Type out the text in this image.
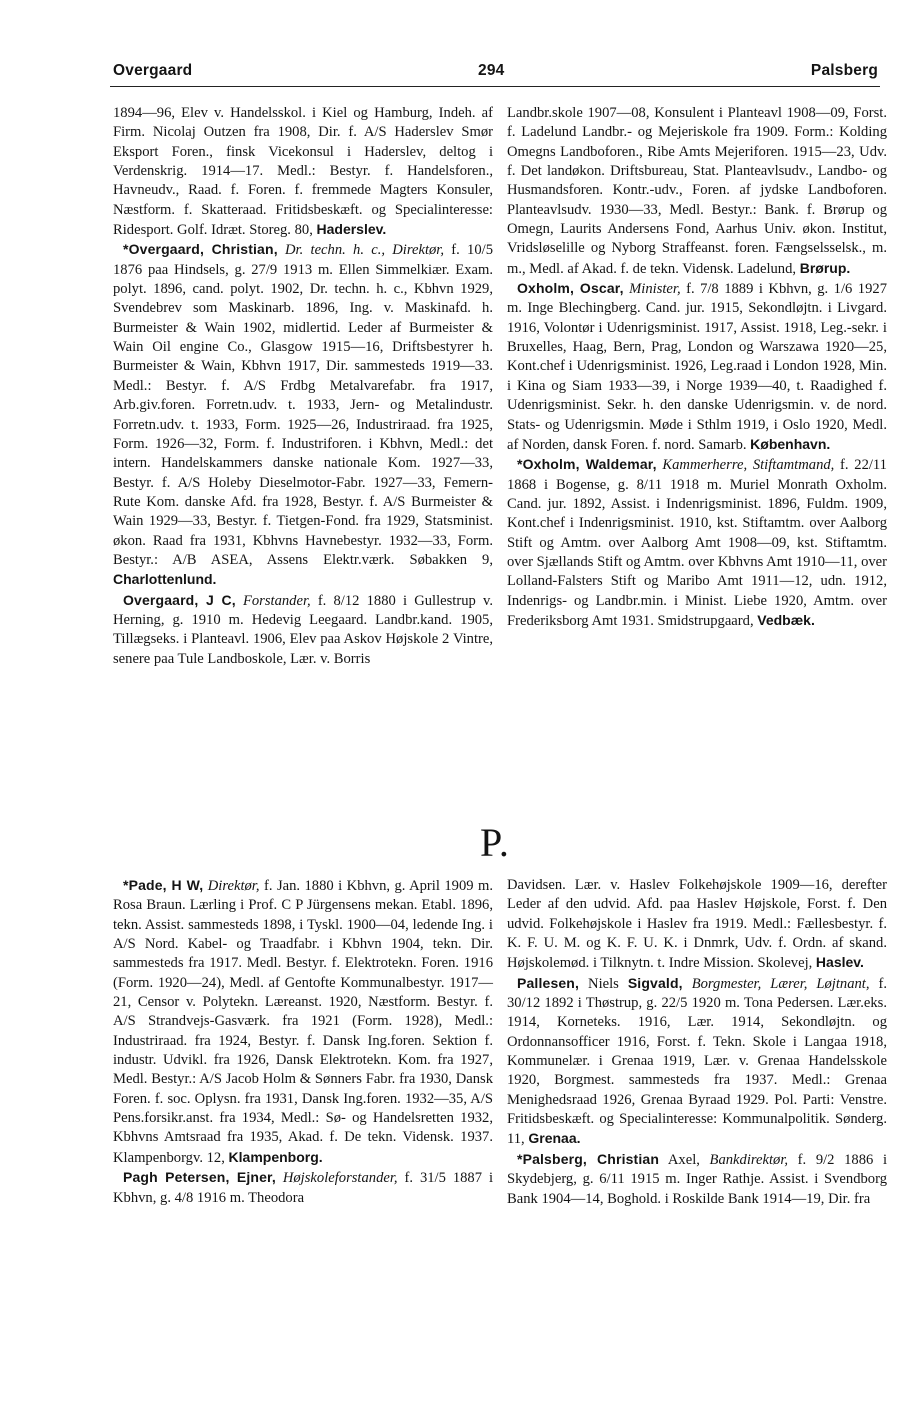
Overgaard	294	Palsberg

1894—96, Elev v. Handelsskol. i Kiel og Hamburg, Indeh. af Firm. Nicolaj Outzen fra 1908, Dir. f. A/S Haderslev Smør Eksport Foren., finsk Vicekonsul i Haderslev, deltog i Verdenskrig. 1914—17. Medl.: Bestyr. f. Handelsforen., Havneudv., Raad. f. Foren. f. fremmede Magters Konsuler, Næstform. f. Skatteraad. Fritidsbeskæft. og Specialinteresse: Ridesport. Golf. Idræt. Storeg. 80, Haderslev.

*Overgaard, Christian, Dr. techn. h. c., Direktør, f. 10/5 1876 paa Hindsels, g. 27/9 1913 m. Ellen Simmelkiær. Exam. polyt. 1896, cand. polyt. 1902, Dr. techn. h. c., Kbhvn 1929, Svendebrev som Maskinarb. 1896, Ing. v. Maskinafd. h. Burmeister & Wain 1902, midlertid. Leder af Burmeister & Wain Oil engine Co., Glasgow 1915—16, Driftsbestyrer h. Burmeister & Wain, Kbhvn 1917, Dir. sammesteds 1919—33. Medl.: Bestyr. f. A/S Frdbg Metalvarefabr. fra 1917, Arb.giv.foren. Forretn.udv. t. 1933, Jern- og Metalindustr. Forretn.udv. t. 1933, Form. 1925—26, Industriraad. fra 1925, Form. 1926—32, Form. f. Industriforen. i Kbhvn, Medl.: det intern. Handelskammers danske nationale Kom. 1927—33, Bestyr. f. A/S Holeby Dieselmotor-Fabr. 1927—33, Femern-Rute Kom. danske Afd. fra 1928, Bestyr. f. A/S Burmeister & Wain 1929—33, Bestyr. f. Tietgen-Fond. fra 1929, Statsminist. økon. Raad fra 1931, Kbhvns Havnebestyr. 1932—33, Form. Bestyr.: A/B ASEA, Assens Elektr.værk. Søbakken 9, Charlottenlund.

Overgaard, J C, Forstander, f. 8/12 1880 i Gullestrup v. Herning, g. 1910 m. Hedevig Leegaard. Landbr.kand. 1905, Tillægseks. i Planteavl. 1906, Elev paa Askov Højskole 2 Vintre, senere paa Tule Landboskole, Lær. v. Borris

Landbr.skole 1907—08, Konsulent i Planteavl 1908—09, Forst. f. Ladelund Landbr.- og Mejeriskole fra 1909. Form.: Kolding Omegns Landboforen., Ribe Amts Mejeriforen. 1915—23, Udv. f. Det landøkon. Driftsbureau, Stat. Planteavlsudv., Landbo- og Husmandsforen. Kontr.-udv., Foren. af jydske Landboforen. Planteavlsudv. 1930—33, Medl. Bestyr.: Bank. f. Brørup og Omegn, Laurits Andersens Fond, Aarhus Univ. økon. Institut, Vridsløselille og Nyborg Straffeanst. foren. Fængselsselsk., m. m., Medl. af Akad. f. de tekn. Vidensk. Ladelund, Brørup.

Oxholm, Oscar, Minister, f. 7/8 1889 i Kbhvn, g. 1/6 1927 m. Inge Blechingberg. Cand. jur. 1915, Sekondløjtn. i Livgard. 1916, Volontør i Udenrigsminist. 1917, Assist. 1918, Leg.-sekr. i Bruxelles, Haag, Bern, Prag, London og Warszawa 1920—25, Kont.chef i Udenrigsminist. 1926, Leg.raad i London 1928, Min. i Kina og Siam 1933—39, i Norge 1939—40, t. Raadighed f. Udenrigsminist. Sekr. h. den danske Udenrigsmin. v. de nord. Stats- og Udenrigsmin. Møde i Sthlm 1919, i Oslo 1920, Medl. af Norden, dansk Foren. f. nord. Samarb. København.

*Oxholm, Waldemar, Kammerherre, Stiftamtmand, f. 22/11 1868 i Bogense, g. 8/11 1918 m. Muriel Monrath Oxholm. Cand. jur. 1892, Assist. i Indenrigsminist. 1896, Fuldm. 1909, Kont.chef i Indenrigsminist. 1910, kst. Stiftamtm. over Aalborg Stift og Amtm. over Aalborg Amt 1908—09, kst. Stiftamtm. over Sjællands Stift og Amtm. over Kbhvns Amt 1910—11, over Lolland-Falsters Stift og Maribo Amt 1911—12, udn. 1912, Indenrigs- og Landbr.min. i Minist. Liebe 1920, Amtm. over Frederiksborg Amt 1931. Smidstrupgaard, Vedbæk.

P.

*Pade, H W, Direktør, f. Jan. 1880 i Kbhvn, g. April 1909 m. Rosa Braun. Lærling i Prof. C P Jürgensens mekan. Etabl. 1896, tekn. Assist. sammesteds 1898, i Tyskl. 1900—04, ledende Ing. i A/S Nord. Kabel- og Traadfabr. i Kbhvn 1904, tekn. Dir. sammesteds fra 1917. Medl. Bestyr. f. Elektrotekn. Foren. 1916 (Form. 1920—24), Medl. af Gentofte Kommunalbestyr. 1917—21, Censor v. Polytekn. Læreanst. 1920, Næstform. Bestyr. f. A/S Strandvejs-Gasværk. fra 1921 (Form. 1928), Medl.: Industriraad. fra 1924, Bestyr. f. Dansk Ing.foren. Sektion f. industr. Udvikl. fra 1926, Dansk Elektrotekn. Kom. fra 1927, Medl. Bestyr.: A/S Jacob Holm & Sønners Fabr. fra 1930, Dansk Foren. f. soc. Oplysn. fra 1931, Dansk Ing.foren. 1932—35, A/S Pens.forsikr.anst. fra 1934, Medl.: Sø- og Handelsretten 1932, Kbhvns Amtsraad fra 1935, Akad. f. De tekn. Vidensk. 1937. Klampenborgv. 12, Klampenborg.

Pagh Petersen, Ejner, Højskoleforstander, f. 31/5 1887 i Kbhvn, g. 4/8 1916 m. Theodora

Davidsen. Lær. v. Haslev Folkehøjskole 1909—16, derefter Leder af den udvid. Afd. paa Haslev Højskole, Forst. f. Den udvid. Folkehøjskole i Haslev fra 1919. Medl.: Fællesbestyr. f. K. F. U. M. og K. F. U. K. i Dnmrk, Udv. f. Ordn. af skand. Højskolemød. i Tilknytn. t. Indre Mission. Skolevej, Haslev.

Pallesen, Niels Sigvald, Borgmester, Lærer, Løjtnant, f. 30/12 1892 i Thøstrup, g. 22/5 1920 m. Tona Pedersen. Lær.eks. 1914, Korneteks. 1916, Lær. 1914, Sekondløjtn. og Ordonnansofficer 1916, Forst. f. Tekn. Skole i Langaa 1918, Kommunelær. i Grenaa 1919, Lær. v. Grenaa Handelsskole 1920, Borgmest. sammesteds fra 1937. Medl.: Grenaa Menighedsraad 1926, Grenaa Byraad 1929. Pol. Parti: Venstre. Fritidsbeskæft. og Specialinteresse: Kommunalpolitik. Sønderg. 11, Grenaa.

*Palsberg, Christian Axel, Bankdirektør, f. 9/2 1886 i Skydebjerg, g. 6/11 1915 m. Inger Rathje. Assist. i Svendborg Bank 1904—14, Boghold. i Roskilde Bank 1914—19, Dir. fra
